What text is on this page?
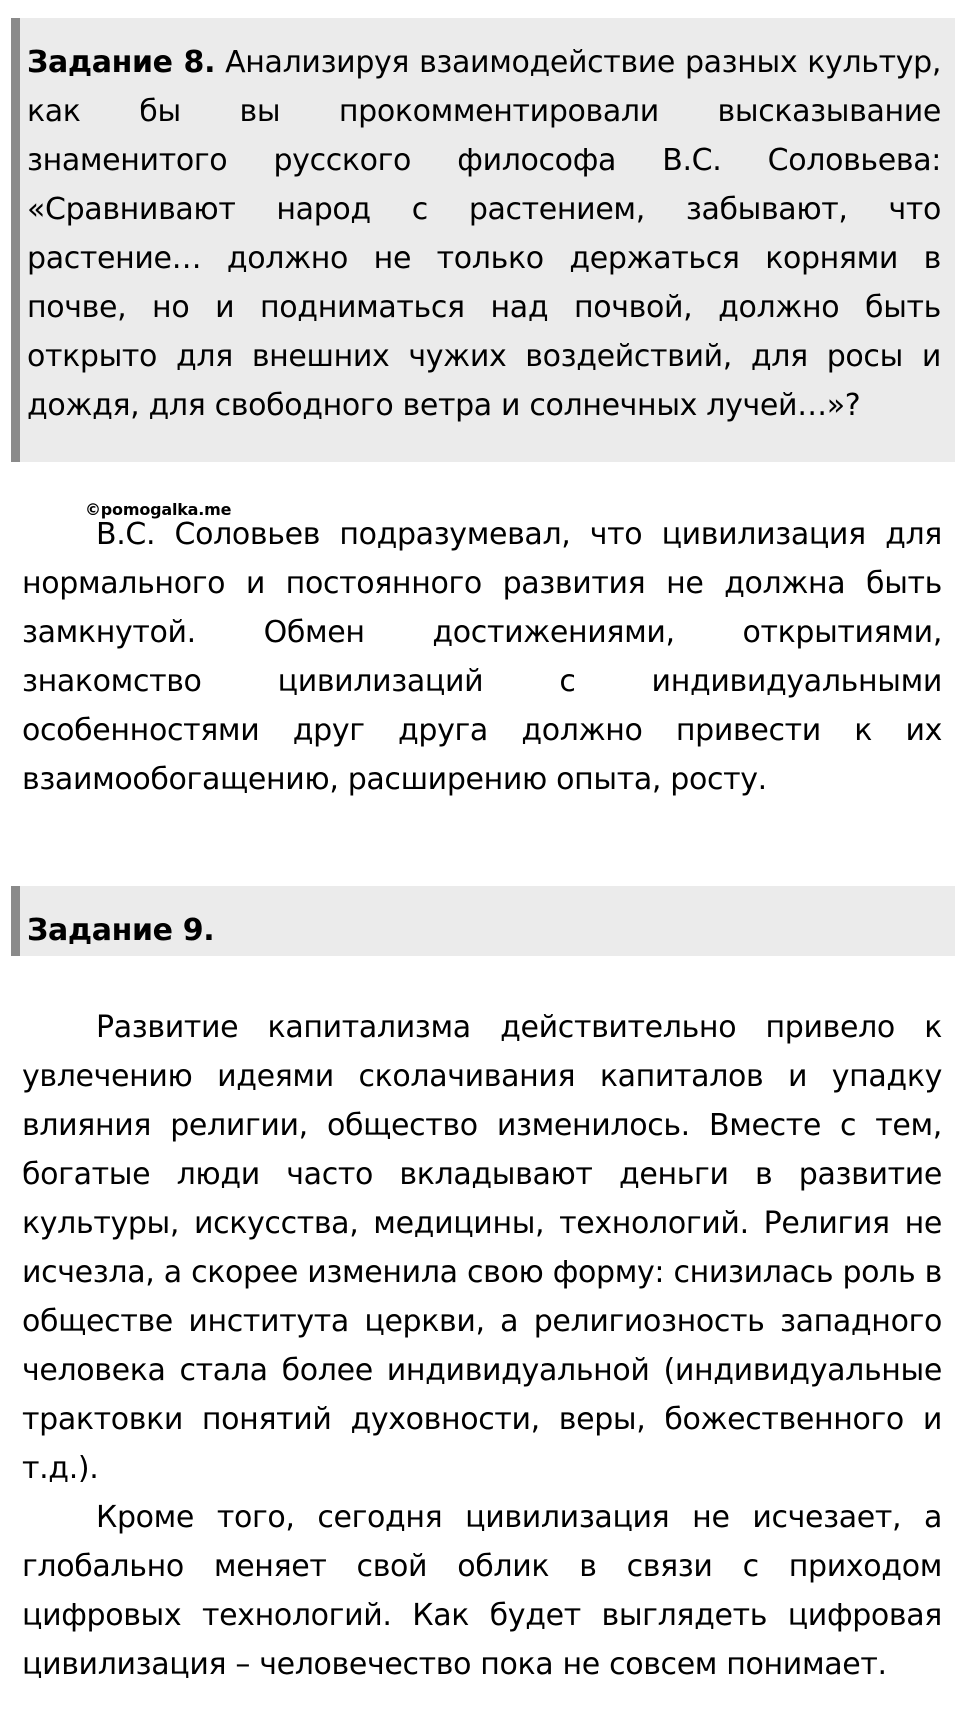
Задание 8. Анализируя взаимодействие разных культур, как бы вы прокомментировали высказывание знаменитого русского философа В.С. Соловьева: «Сравнивают народ с растением, забывают, что растение… должно не только держаться корнями в почве, но и подниматься над почвой, должно быть открыто для внешних чужих воздействий, для росы и дождя, для свободного ветра и солнечных лучей…»?

©pomogalka.me

В.С. Соловьев подразумевал, что цивилизация для нормального и постоянного развития не должна быть замкнутой. Обмен достижениями, открытиями, знакомство цивилизаций с индивидуальными особенностями друг друга должно привести к их взаимообогащению, расширению опыта, росту.

Задание 9.

Развитие капитализма действительно привело к увлечению идеями сколачивания капиталов и упадку влияния религии, общество изменилось. Вместе с тем, богатые люди часто вкладывают деньги в развитие культуры, искусства, медицины, технологий. Религия не исчезла, а скорее изменила свою форму: снизилась роль в обществе института церкви, а религиозность западного человека стала более индивидуальной (индивидуальные трактовки понятий духовности, веры, божественного и т.д.).

Кроме того, сегодня цивилизация не исчезает, а глобально меняет свой облик в связи с приходом цифровых технологий. Как будет выглядеть цифровая цивилизация – человечество пока не совсем понимает.
